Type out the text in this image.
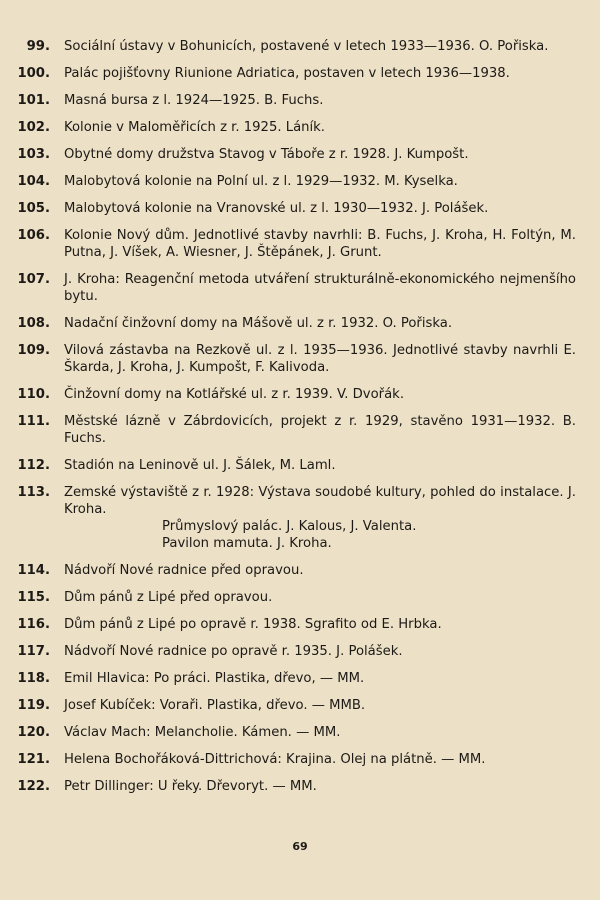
99.	Sociální ústavy v Bohunicích, postavené v letech 1933—1936. O. Pořiska.
100.	Palác pojišťovny Riunione Adriatica, postaven v letech 1936—1938.
101.	Masná bursa z l. 1924—1925. B. Fuchs.
102.	Kolonie v Maloměřicích z r. 1925. Láník.
103.	Obytné domy družstva Stavog v Táboře z r. 1928. J. Kumpošt.
104.	Malobytová kolonie na Polní ul. z l. 1929—1932. M. Kyselka.
105.	Malobytová kolonie na Vranovské ul. z l. 1930—1932. J. Polášek.
106.	Kolonie Nový dům. Jednotlivé stavby navrhli: B. Fuchs, J. Kroha, H. Foltýn, M. Putna, J. Víšek, A. Wiesner, J. Štěpánek, J. Grunt.
107.	J. Kroha: Reagenční metoda utváření strukturálně-ekonomického nejmenšího bytu.
108.	Nadační činžovní domy na Mášově ul. z r. 1932. O. Pořiska.
109.	Vilová zástavba na Rezkově ul. z l. 1935—1936. Jednotlivé stavby navrhli E. Škarda, J. Kroha, J. Kumpošt, F. Kalivoda.
110.	Činžovní domy na Kotlářské ul. z r. 1939. V. Dvořák.
111.	Městské lázně v Zábrdovicích, projekt z r. 1929, stavěno 1931—1932. B. Fuchs.
112.	Stadión na Leninově ul. J. Šálek, M. Laml.
113.	Zemské výstaviště z r. 1928: Výstava soudobé kultury, pohled do instalace. J. Kroha.
Průmyslový palác. J. Kalous, J. Valenta.
Pavilon mamuta. J. Kroha.
114.	Nádvoří Nové radnice před opravou.
115.	Dům pánů z Lipé před opravou.
116.	Dům pánů z Lipé po opravě r. 1938. Sgrafito od E. Hrbka.
117.	Nádvoří Nové radnice po opravě r. 1935. J. Polášek.
118.	Emil Hlavica: Po práci. Plastika, dřevo, — MM.
119.	Josef Kubíček: Voraři. Plastika, dřevo. — MMB.
120.	Václav Mach: Melancholie. Kámen. — MM.
121.	Helena Bochořáková-Dittrichová: Krajina. Olej na plátně. — MM.
122.	Petr Dillinger: U řeky. Dřevoryt. — MM.
69
